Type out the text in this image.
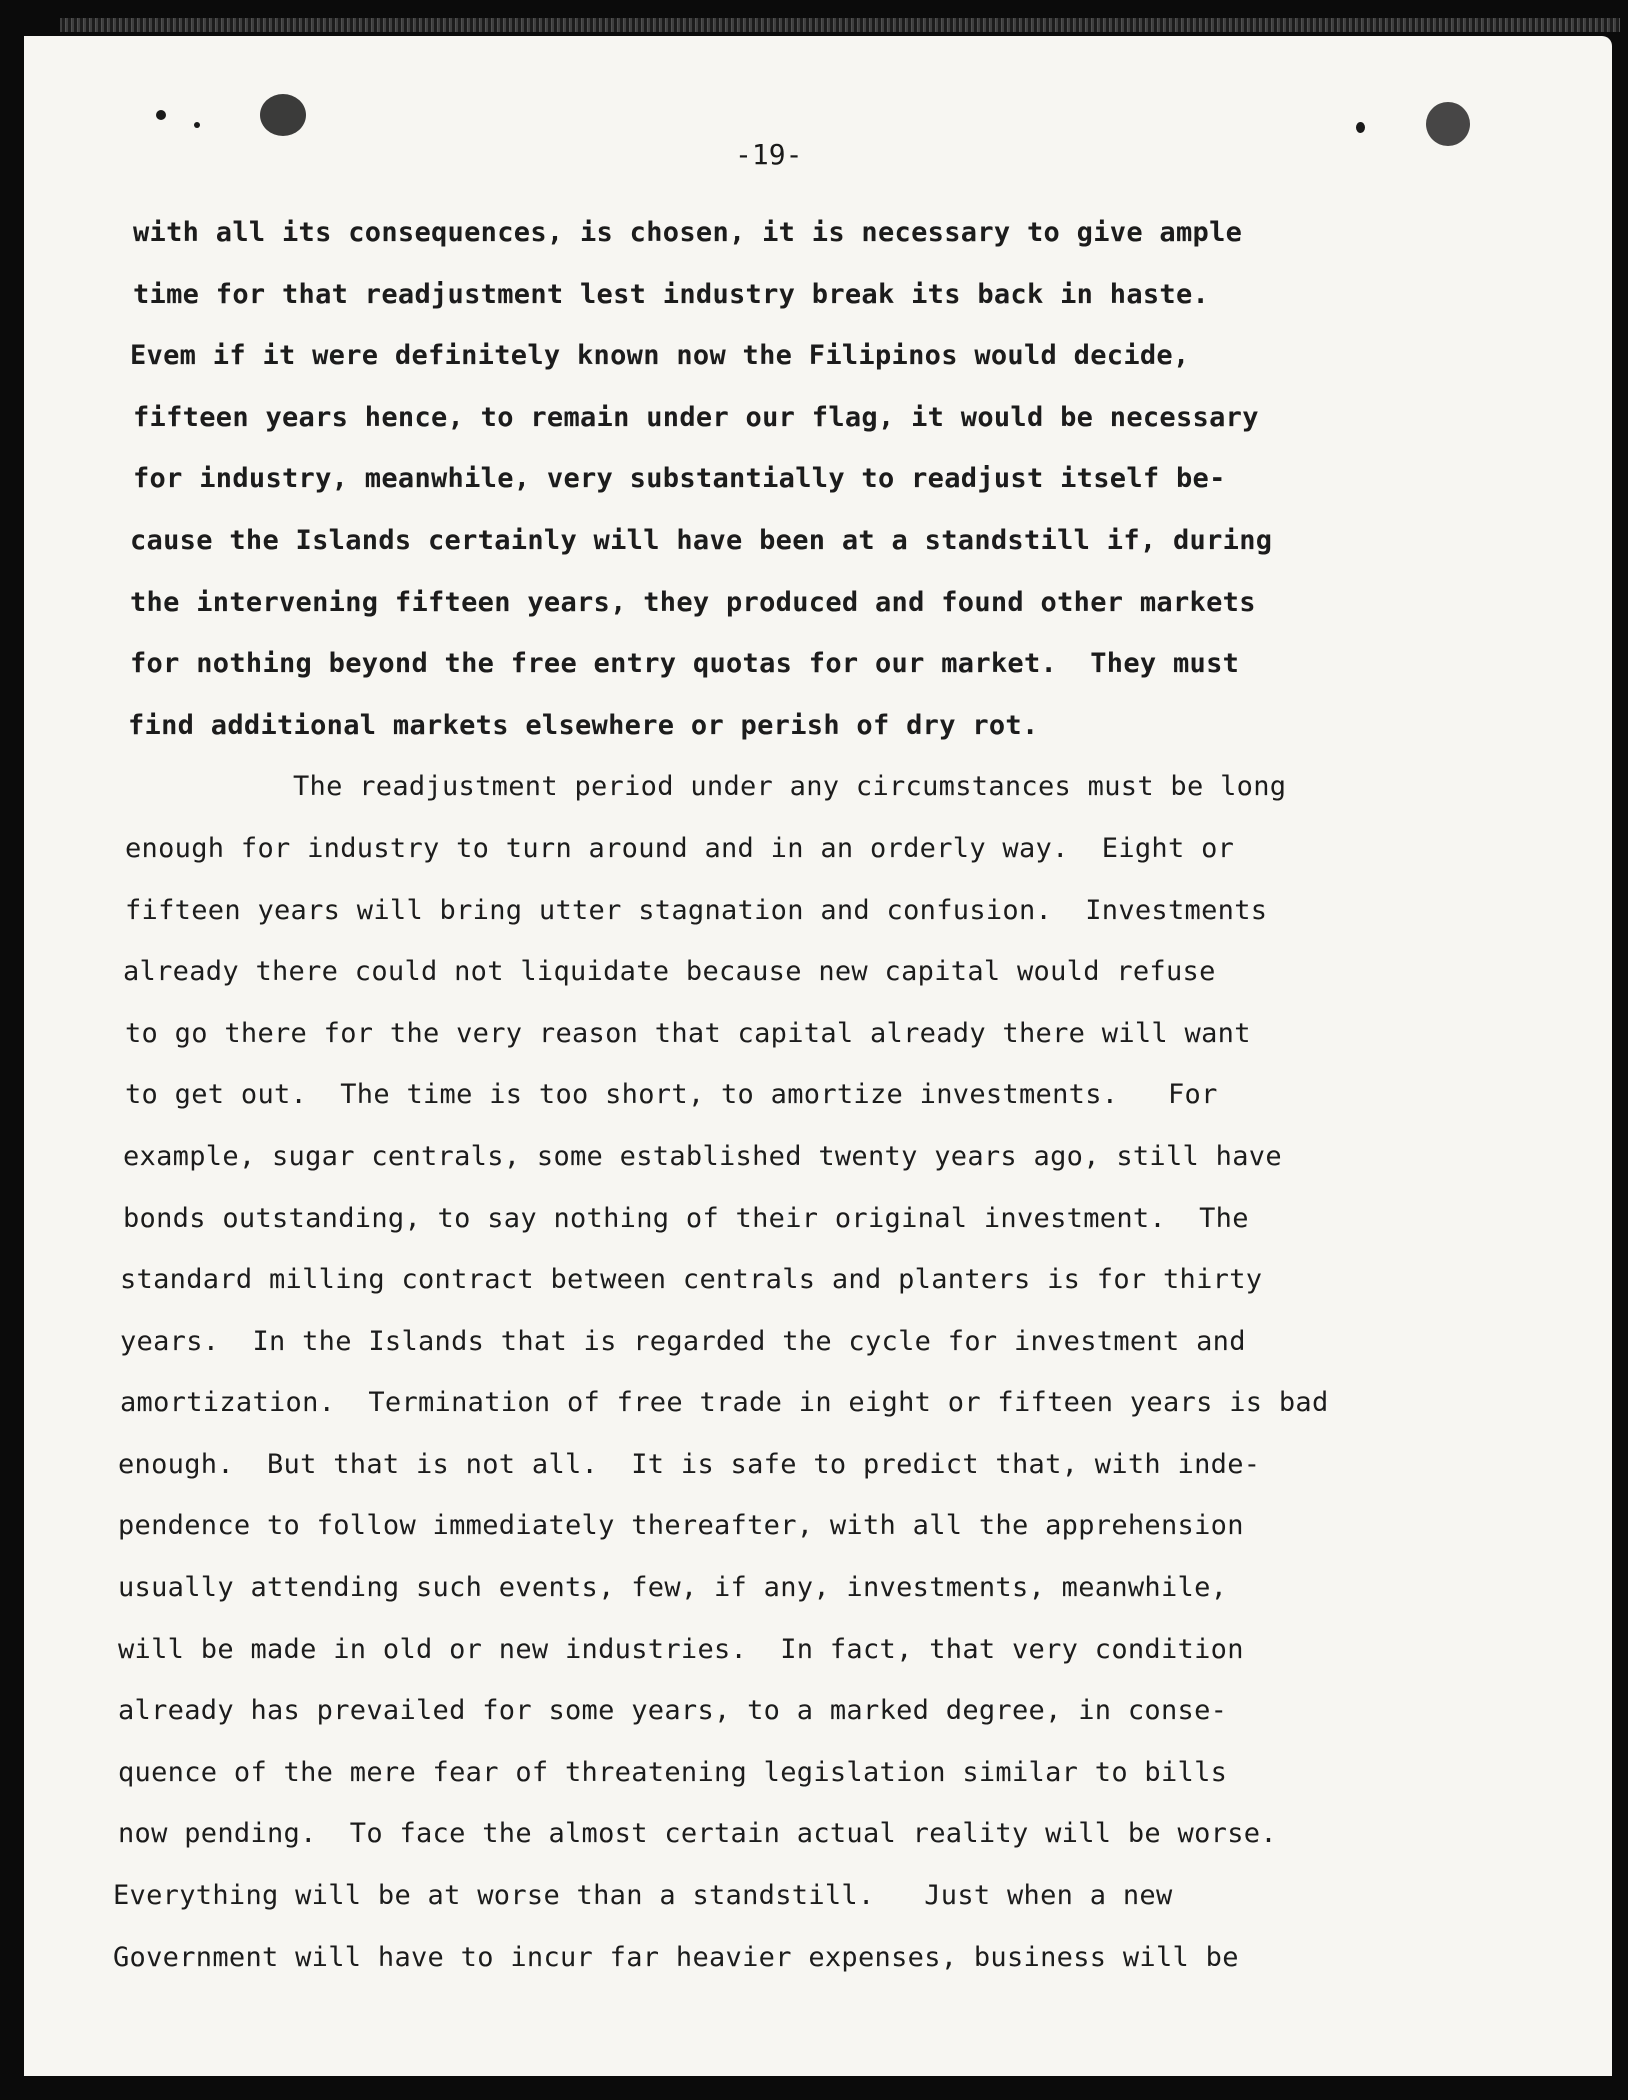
-19-
with all its consequences, is chosen, it is necessary to give ample
time for that readjustment lest industry break its back in haste.
Evem if it were definitely known now the Filipinos would decide,
fifteen years hence, to remain under our flag, it would be necessary
for industry, meanwhile, very substantially to readjust itself be-
cause the Islands certainly will have been at a standstill if, during
the intervening fifteen years, they produced and found other markets
for nothing beyond the free entry quotas for our market.  They must
find additional markets elsewhere or perish of dry rot.
The readjustment period under any circumstances must be long
enough for industry to turn around and in an orderly way.  Eight or
fifteen years will bring utter stagnation and confusion.  Investments
already there could not liquidate because new capital would refuse
to go there for the very reason that capital already there will want
to get out.  The time is too short, to amortize investments.   For
example, sugar centrals, some established twenty years ago, still have
bonds outstanding, to say nothing of their original investment.  The
standard milling contract between centrals and planters is for thirty
years.  In the Islands that is regarded the cycle for investment and
amortization.  Termination of free trade in eight or fifteen years is bad
enough.  But that is not all.  It is safe to predict that, with inde-
pendence to follow immediately thereafter, with all the apprehension
usually attending such events, few, if any, investments, meanwhile,
will be made in old or new industries.  In fact, that very condition
already has prevailed for some years, to a marked degree, in conse-
quence of the mere fear of threatening legislation similar to bills
now pending.  To face the almost certain actual reality will be worse.
Everything will be at worse than a standstill.   Just when a new
Government will have to incur far heavier expenses, business will be
